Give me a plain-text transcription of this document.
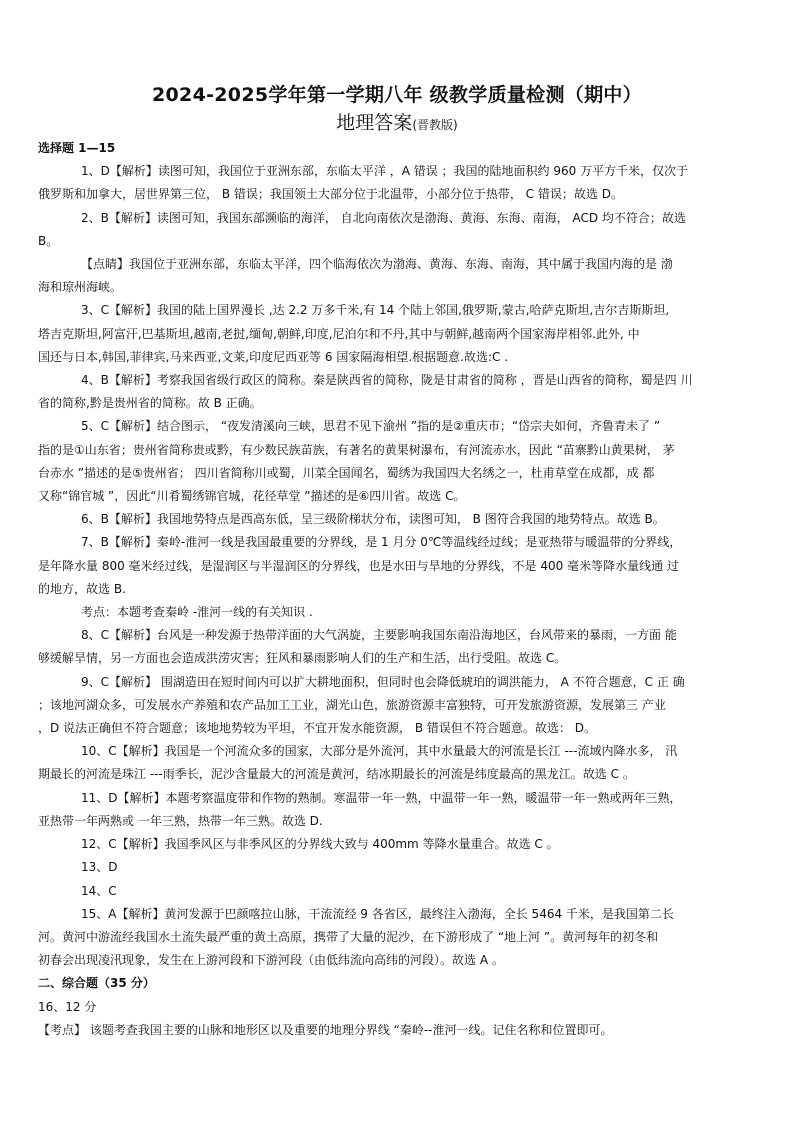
2024-2025学年第一学期八年 级教学质量检测（期中）
地理答案(晋教版)
选择题 1—15
1、D【解析】读图可知，我国位于亚洲东部，东临太平洋 ，A 错误 ；我国的陆地面积约 960 万平方千米，仅次于
俄罗斯和加拿大，居世界第三位， B 错误；我国领土大部分位于北温带，小部分位于热带， C 错误；故选 D。
2、B【解析】读图可知，我国东部濒临的海洋， 自北向南依次是渤海、黄海、东海、南海， ACD 均不符合；故选
B。
【点睛】我国位于亚洲东部，东临太平洋，四个临海依次为渤海、黄海、东海、南海，其中属于我国内海的是 渤
海和琼州海峡。
3、C【解析】我国的陆上国界漫长 ,达 2.2 万多千米,有 14 个陆上邻国,俄罗斯,蒙古,哈萨克斯坦,吉尔吉斯斯坦,
塔吉克斯坦,阿富汗,巴基斯坦,越南,老挝,缅甸,朝鲜,印度,尼泊尔和不丹,其中与朝鲜,越南两个国家海岸相邻.此外, 中
国还与日本,韩国,菲律宾,马来西亚,文莱,印度尼西亚等 6 国家隔海相望.根据题意.故选:C .
4、B【解析】考察我国省级行政区的简称。秦是陕西省的简称，陇是甘肃省的简称 ，晋是山西省的简称，蜀是四 川
省的简称,黔是贵州省的简称。故 B 正确。
5、C【解析】结合图示， “夜发清溪向三峡，思君不见下渝州 ”指的是②重庆市；“岱宗夫如何，齐鲁青未了 ”
指的是①山东省；贵州省简称贵或黔，有少数民族苗族，有著名的黄果树瀑布，有河流赤水，因此 “苗寨黔山黄果树， 茅
台赤水 ”描述的是⑤贵州省； 四川省简称川或蜀，川菜全国闻名，蜀绣为我国四大名绣之一，杜甫草堂在成都，成 都
又称“锦官城 ”，因此“川肴蜀绣锦官城，花径草堂 ”描述的是⑥四川省。故选 C。
6、B【解析】我国地势特点是西高东低，呈三级阶梯状分布，读图可知， B 图符合我国的地势特点。故选 B。
7、B【解析】秦岭-淮河一线是我国最重要的分界线，是 1 月分 0℃等温线经过线；是亚热带与暖温带的分界线，
是年降水量 800 毫米经过线，是湿润区与半湿润区的分界线，也是水田与旱地的分界线，不是 400 毫米等降水量线通 过
的地方，故选 B.
考点：本题考查秦岭 -淮河一线的有关知识 .
8、C【解析】台风是一种发源于热带洋面的大气涡旋，主要影响我国东南沿海地区，台风带来的暴雨，一方面 能
够缓解旱情，另一方面也会造成洪涝灾害；狂风和暴雨影响人们的生产和生活，出行受阻。故选 C。
9、C【解析】 围湖造田在短时间内可以扩大耕地面积，但同时也会降低琥珀的调洪能力， A 不符合题意，C 正 确
；该地河湖众多，可发展水产养殖和农产品加工工业，湖光山色，旅游资源丰富独特，可开发旅游资源，发展第三 产业
，D 说法正确但不符合题意；该地地势较为平坦，不宜开发水能资源， B 错误但不符合题意。故选： D。
10、C【解析】我国是一个河流众多的国家，大部分是外流河，其中水量最大的河流是长江 ---流域内降水多， 汛
期最长的河流是珠江 ---雨季长，泥沙含量最大的河流是黄河，结冰期最长的河流是纬度最高的黑龙江。故选 C 。
11、D【解析】本题考察温度带和作物的熟制。寒温带一年一熟，中温带一年一熟，暖温带一年一熟或两年三熟，
亚热带一年两熟或 一年三熟，热带一年三熟。故选 D.
12、C【解析】我国季风区与非季风区的分界线大致与 400mm 等降水量重合。故选 C 。
13、D
14、C
15、A【解析】黄河发源于巴颜喀拉山脉，干流流经 9 各省区，最终注入渤海，全长 5464 千米，是我国第二长
河。黄河中游流经我国水土流失最严重的黄土高原，携带了大量的泥沙，在下游形成了 “地上河 ”。黄河每年的初冬和
初春会出现凌汛现象，发生在上游河段和下游河段（由低纬流向高纬的河段）。故选 A 。
二、综合题（35 分）
16、12 分
【考点】 该题考查我国主要的山脉和地形区以及重要的地理分界线 “秦岭--淮河一线。记住名称和位置即可。
